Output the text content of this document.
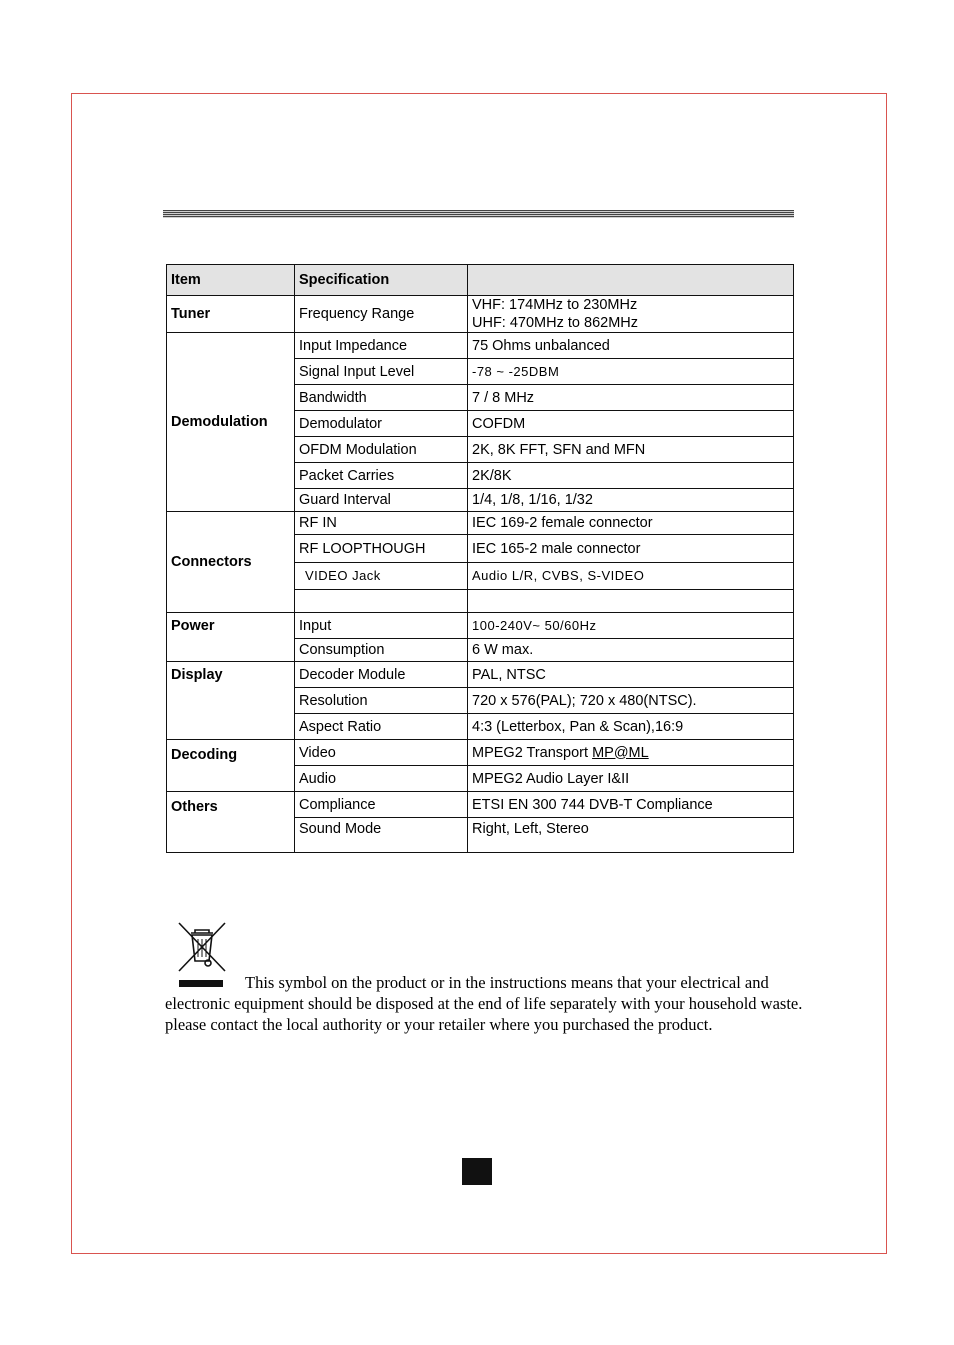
Item	Specification	
Tuner	Frequency Range	VHF: 174MHz to 230MHz
UHF: 470MHz to 862MHz

Demodulation	Input Impedance	75 Ohms unbalanced
	Signal Input Level	-78 ~ -25DBM
	Bandwidth	7 / 8 MHz
	Demodulator	COFDM
	OFDM Modulation	2K, 8K FFT, SFN and MFN
	Packet Carries	2K/8K
	Guard Interval	1/4, 1/8, 1/16, 1/32
Connectors	RF IN	IEC 169-2 female connector
	RF LOOPTHOUGH	IEC 165-2 male connector
	VIDEO Jack	Audio L/R, CVBS, S-VIDEO

Power	Input	100-240V~ 50/60Hz
	Consumption	6 W max.
Display	Decoder Module	PAL, NTSC
	Resolution	720 x 576(PAL); 720 x 480(NTSC).
	Aspect Ratio	4:3 (Letterbox, Pan & Scan),16:9
Decoding	Video	MPEG2 Transport MP@ML
	Audio	MPEG2 Audio Layer I&II
Others	Compliance	ETSI EN 300 744 DVB-T Compliance
	Sound Mode	Right, Left, Stereo

This symbol on the product or in the instructions means that your electrical and electronic equipment should be disposed at the end of life separately with your household waste. please contact the local authority or your retailer where you purchased the product.
